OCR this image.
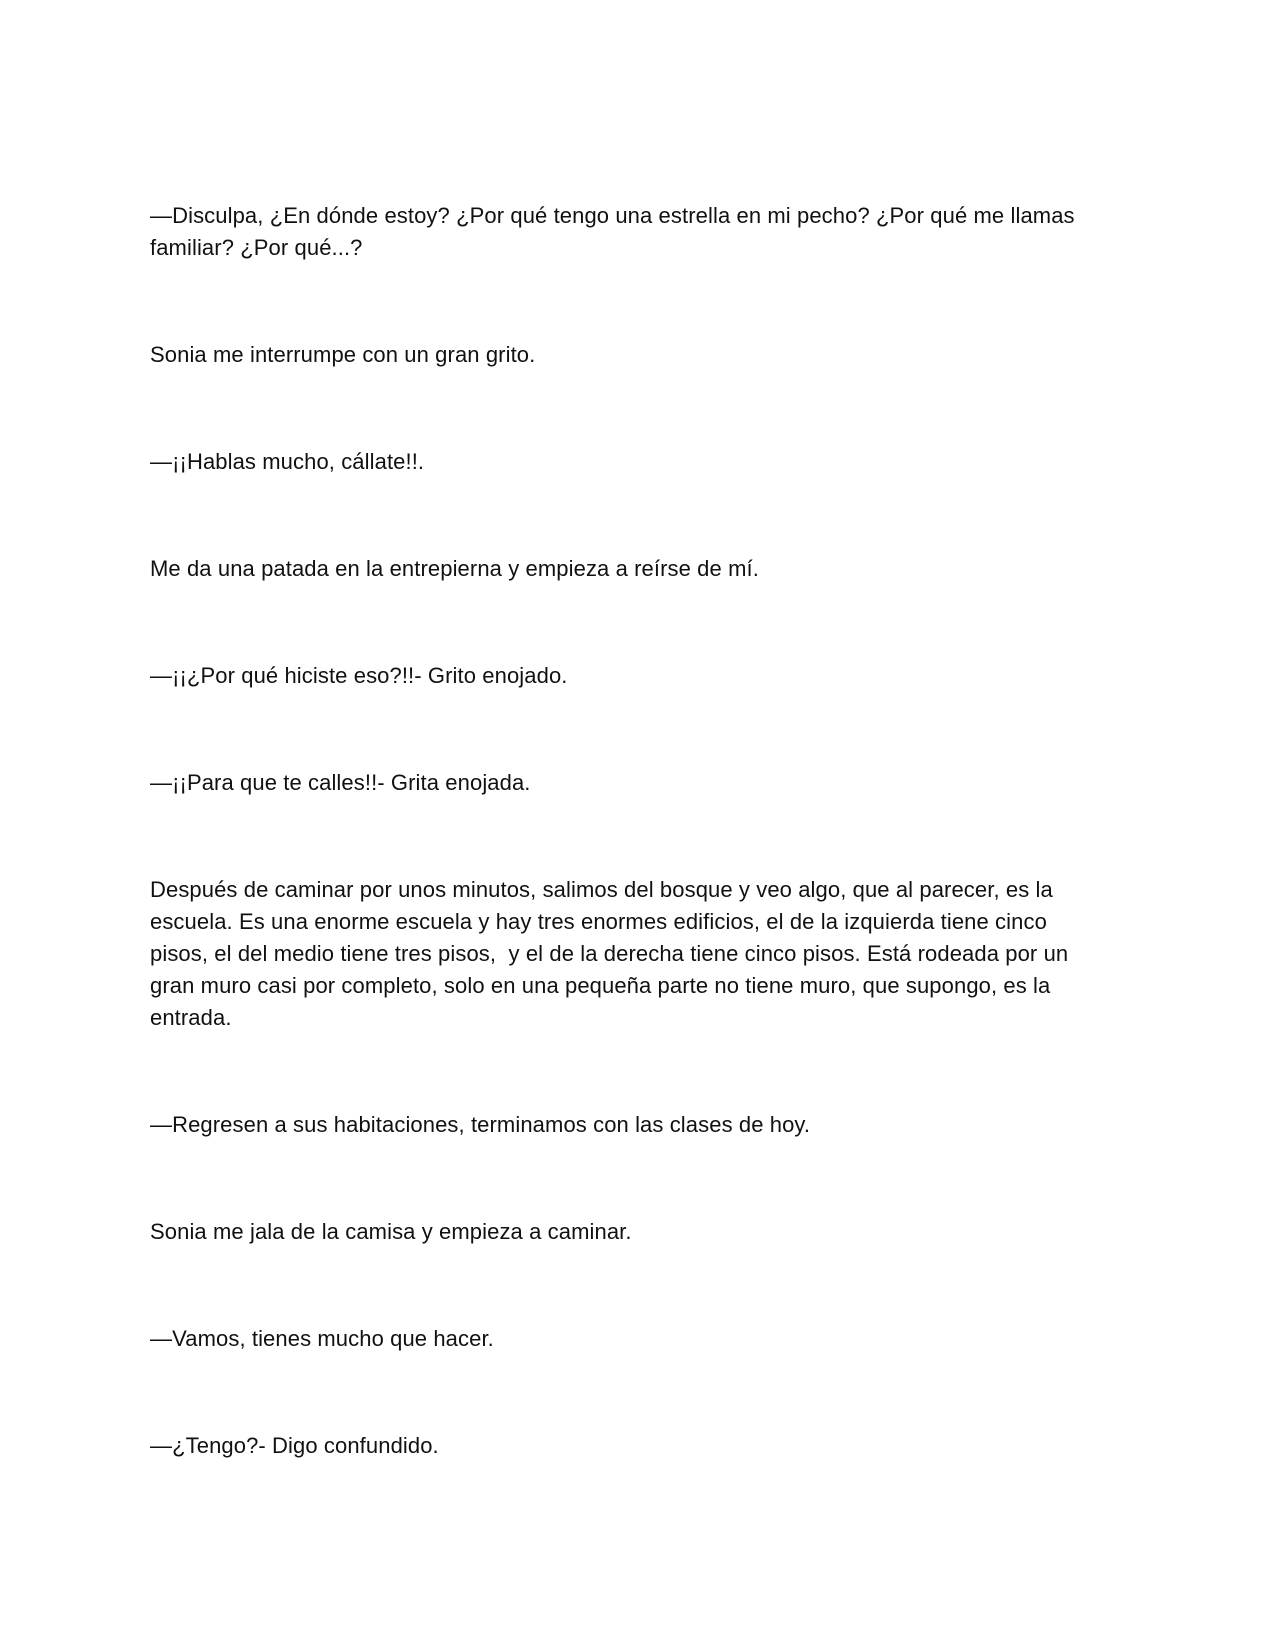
—Disculpa, ¿En dónde estoy? ¿Por qué tengo una estrella en mi pecho? ¿Por qué me llamas familiar? ¿Por qué...?

Sonia me interrumpe con un gran grito.

—¡¡Hablas mucho, cállate!!.

Me da una patada en la entrepierna y empieza a reírse de mí.

—¡¡¿Por qué hiciste eso?!!- Grito enojado.

—¡¡Para que te calles!!- Grita enojada.

Después de caminar por unos minutos, salimos del bosque y veo algo, que al parecer, es la escuela. Es una enorme escuela y hay tres enormes edificios, el de la izquierda tiene cinco pisos, el del medio tiene tres pisos,  y el de la derecha tiene cinco pisos. Está rodeada por un gran muro casi por completo, solo en una pequeña parte no tiene muro, que supongo, es la entrada.

—Regresen a sus habitaciones, terminamos con las clases de hoy.

Sonia me jala de la camisa y empieza a caminar.

—Vamos, tienes mucho que hacer.

—¿Tengo?- Digo confundido.
